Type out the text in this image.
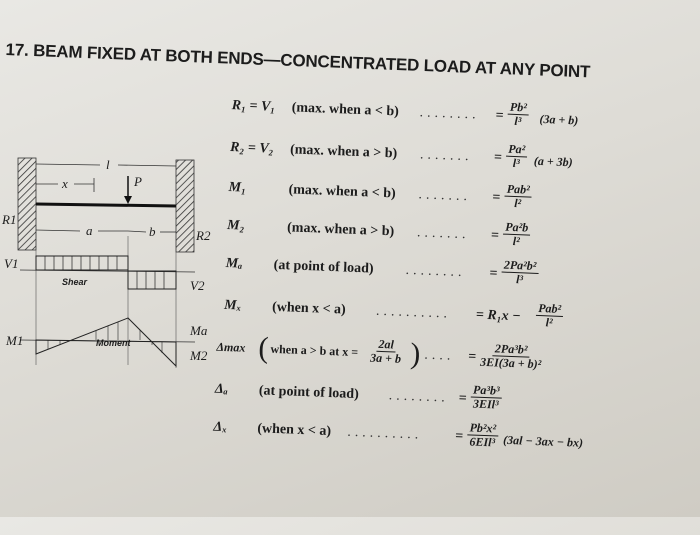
17. BEAM FIXED AT BOTH ENDS—CONCENTRATED LOAD AT ANY POINT
l
x	P
a	b
R1
R2
V1
V2
Shear
M1
Ma
M2
Moment
R₁ = V₁ (max. when a < b) ........ = $\frac{\text{Pb²}}{\text{l³}} (3a + b)$
R₂ = V₂ (max. when a > b) ....... = $\frac{\text{Pa²}}{\text{l³}} (a + 3b)$
M₁	(max. when a < b) ....... =
Pab²
l²
M₂	(max. when a > b) ....... = $\frac{\text{Pa²b}}{\text{l²}}$
Mₐ (at point of load) ........ = $\frac{\text{2Pa²b²}}{\text{l³}}$
Mₓ (when x < a) .......... = R₁x − Pab²
l²
Δmax ( when a > b at $x = \frac{2al}{3a + b}$ ) .... = $\frac{\text{2Pa³b²}}{\text{3EI(3a + b)²}}$
Δₐ (at point of load) ........ =
Pa³b³
3EIl³
Δₓ (when x < a) .......... =
Pb²x²
6EIl³ (3al − 3ax − bx)
